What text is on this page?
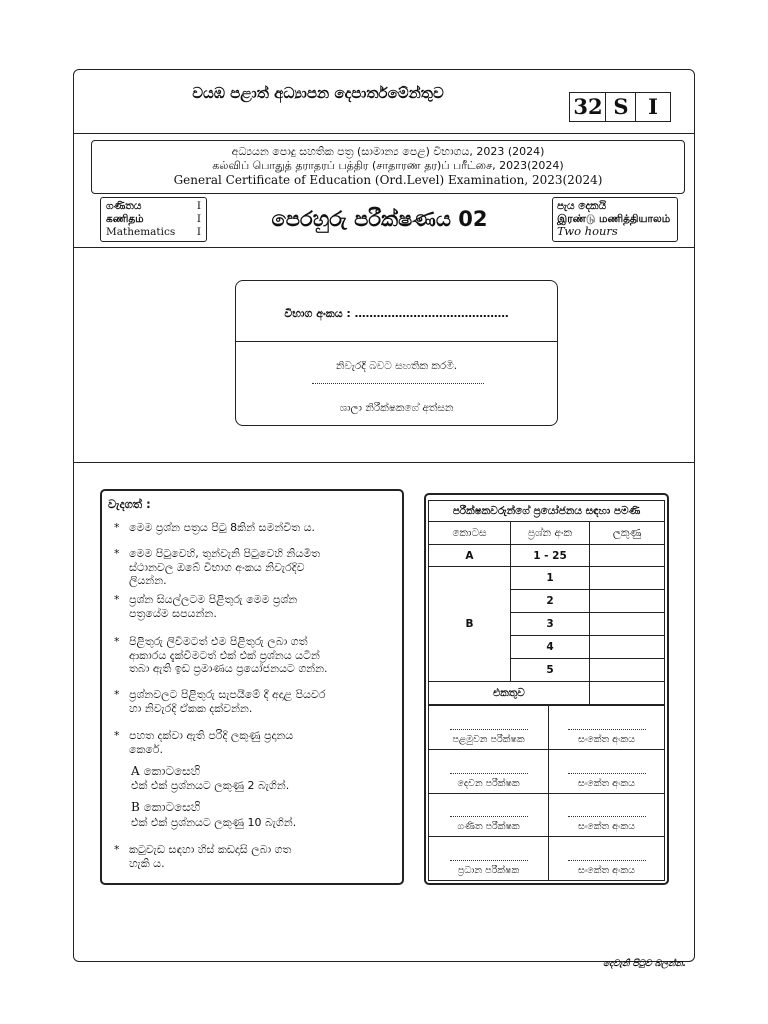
වයඹ පළාත් අධ්‍යාපන දෙපාර්තමේන්තුව
32 S I
අධ්‍යයන පොදු සහතික පත්‍ර (සාමාන්‍ය පෙළ) විභාගය, 2023 (2024)
கல்விப் பொதுத் தராதரப் பத்திர (சாதாரண தர)ப் பரீட்சை, 2023(2024)
General Certificate of Education (Ord.Level) Examination, 2023(2024)
ගණිතය	I
கணிதம்	I
Mathematics I
පෙරහුරු පරීක්ෂණය 02
පැය දෙකයි
இரண்டு மணித்தியாலம்
Two hours
විභාග අංකය : ……………………………………
නිවැරදි බවට සහතික කරමි.
ශාලා නිරීක්ෂකගේ අත්සන
වැදගත් :
* මෙම ප්‍රශ්න පත්‍රය පිටු 8කින් සමන්විත ය.
* මෙම පිටුවෙහි, තුන්වැනි පිටුවෙහි නියමිත
ස්ථානවල ඔබේ විභාග අංකය නිවැරදිව
ලියන්න.
* ප්‍රශ්න සියල්ලටම පිළිතුරු මෙම ප්‍රශ්න
පත්‍රයේම සපයන්න.
* පිළිතුරු ලිවීමටත් එම පිළිතුරු ලබා ගත්
ආකාරය දැක්වීමටත් එක් එක් ප්‍රශ්නය යටින්
තබා ඇති ඉඩ ප්‍රමාණය ප්‍රයෝජනයට ගන්න.
* ප්‍රශ්නවලට පිළිතුරු සැපයීමේ දී අදාළ පියවර
හා නිවැරදි ඒකක දක්වන්න.
* පහත දක්වා ඇති පරිදි ලකුණු ප්‍රදානය
කෙරේ.
A කොටසෙහි
එක් එක් ප්‍රශ්නයට ලකුණු 2 බැගින්.
B කොටසෙහි
එක් එක් ප්‍රශ්නයට ලකුණු 10 බැගින්.
* කටුවැඩ සඳහා හිස් කඩදාසි ලබා ගත
හැකි ය.
පරීක්ෂකවරුන්ගේ ප්‍රයෝජනය සඳහා පමණි		
කොටස	ප්‍රශ්න අංක	ලකුණු
A	1 - 25	
B	1	
	2	
	3	
	4	
	5	
එකතුව		
පළමුවන පරීක්ෂක	සංකේත අංකය

දෙවන පරීක්ෂක	සංකේත අංකය

ගණිත පරීක්ෂක	සංකේත අංකය

ප්‍රධාන පරීක්ෂක	සංකේත අංකය
දෙවැනි පිටුව බලන්න.
